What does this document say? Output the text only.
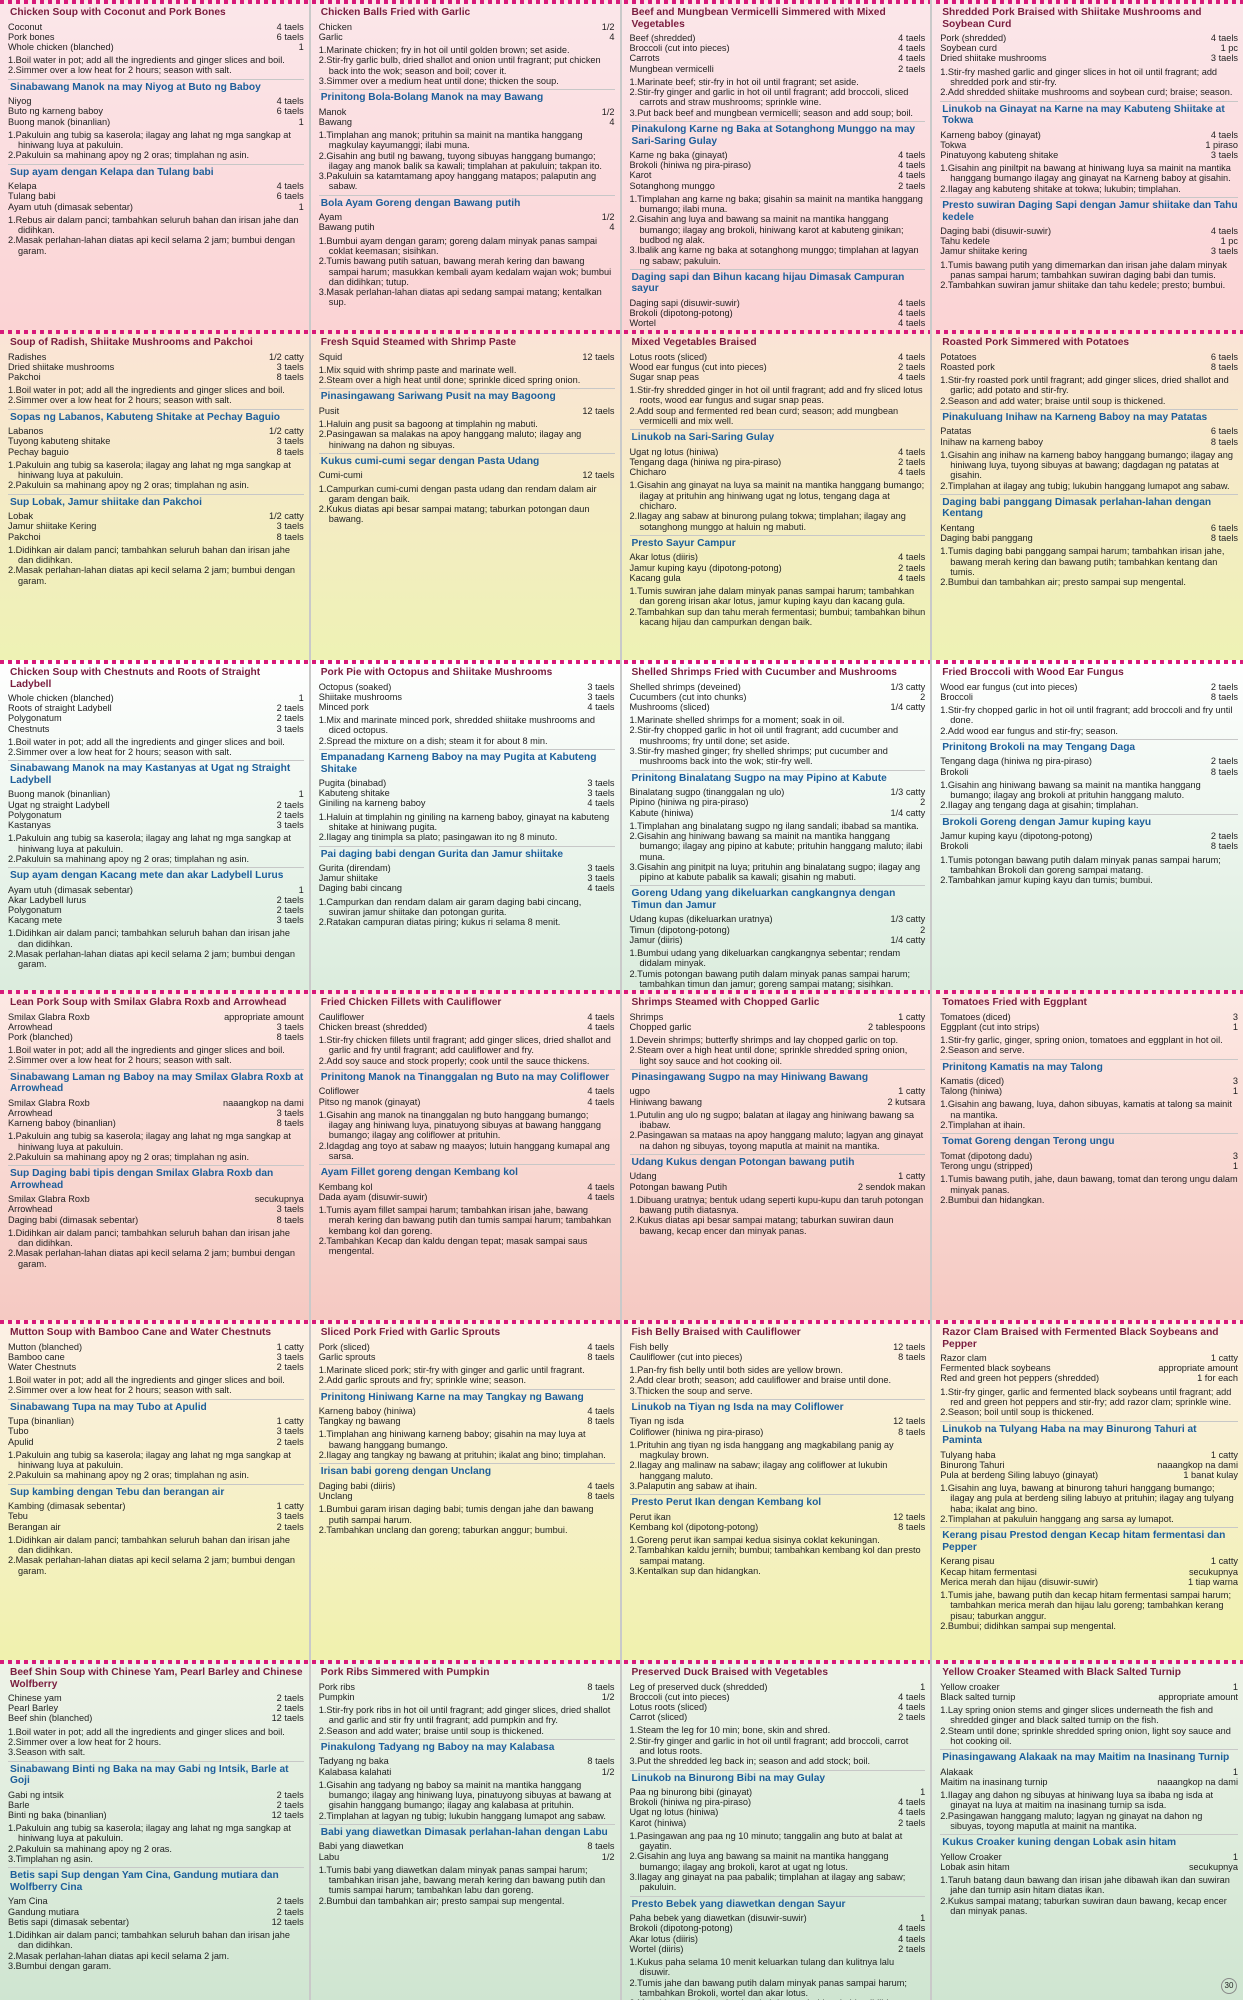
Chicken Soup with Coconut and Pork Bones
Coconut	4 taels
Pork bones	6 taels
Whole chicken (blanched)	1
1.Boil water in pot; add all the ingredients and ginger slices and boil.
2.Simmer over a low heat for 2 hours; season with salt.
Sinabawang Manok na may Niyog at Buto ng Baboy
Niyog	4 taels
Buto ng karneng baboy	6 taels
Buong manok (binanlian)	1
1.Pakuluin ang tubig sa kaserola; ilagay ang lahat ng mga sangkap at hiniwang luya at pakuluin.
2.Pakuluin sa mahinang apoy ng 2 oras; timplahan ng asin.
Sup ayam dengan Kelapa dan Tulang babi
Kelapa	4 taels
Tulang babi	6 taels
Ayam utuh (dimasak sebentar)	1
1.Rebus air dalam panci; tambahkan seluruh bahan dan irisan jahe dan didihkan.
2.Masak perlahan-lahan diatas api kecil selama 2 jam; bumbui dengan garam.
Chicken Balls Fried with Garlic
Chicken	1/2
Garlic	4
1.Marinate chicken; fry in hot oil until golden brown; set aside.
2.Stir-fry garlic bulb, dried shallot and onion until fragrant; put chicken back into the wok; season and boil; cover it.
3.Simmer over a medium heat until done; thicken the soup.
Prinitong Bola-Bolang Manok na may Bawang
Manok	1/2
Bawang	4
1.Timplahan ang manok; prituhin sa mainit na mantika hanggang magkulay kayumanggi; ilabi muna.
2.Gisahin ang butil ng bawang, tuyong sibuyas hanggang bumango; ilagay ang manok balik sa kawali; timplahan at pakuluin; takpan ito.
3.Pakuluin sa katamtamang apoy hanggang matapos; palaputin ang sabaw.
Bola Ayam Goreng dengan Bawang putih
Ayam	1/2
Bawang putih	4
1.Bumbui ayam dengan garam; goreng dalam minyak panas sampai coklat keemasan; sisihkan.
2.Tumis bawang putih satuan, bawang merah kering dan bawang sampai harum; masukkan kembali ayam kedalam wajan wok; bumbui dan didihkan; tutup.
3.Masak perlahan-lahan diatas api sedang sampai matang; kentalkan sup.
Beef and Mungbean Vermicelli Simmered with Mixed Vegetables
Beef (shredded)	4 taels
Broccoli (cut into pieces)	4 taels
Carrots	4 taels
Mungbean vermicelli	2 taels
1.Marinate beef; stir-fry in hot oil until fragrant; set aside.
2.Stir-fry ginger and garlic in hot oil until fragrant; add broccoli, sliced carrots and straw mushrooms; sprinkle wine.
3.Put back beef and mungbean vermicelli; season and add soup; boil.
Pinakulong Karne ng Baka at Sotanghong Munggo na may Sari-Saring Gulay
Karne ng baka (ginayat)	4 taels
Brokoli (hiniwa ng pira-piraso)	4 taels
Karot	4 taels
Sotanghong munggo	2 taels
1.Timplahan ang karne ng baka; gisahin sa mainit na mantika hanggang bumango; ilabi muna.
2.Gisahin ang luya and bawang sa mainit na mantika hanggang bumango; ilagay ang brokoli, hiniwang karot at kabuteng ginikan; budbod ng alak.
3.Ibalik ang karne ng baka at sotanghong munggo; timplahan at lagyan ng sabaw; pakuluin.
Daging sapi dan Bihun kacang hijau Dimasak Campuran sayur
Daging sapi (disuwir-suwir)	4 taels
Brokoli (dipotong-potong)	4 taels
Wortel	4 taels
Shredded Pork Braised with Shiitake Mushrooms and Soybean Curd
Pork (shredded)	4 taels
Soybean curd	1 pc
Dried shiitake mushrooms	3 taels
1.Stir-fry mashed garlic and ginger slices in hot oil until fragrant; add shredded pork and stir-fry.
2.Add shredded shiitake mushrooms and soybean curd; braise; season.
Linukob na Ginayat na Karne na may Kabuteng Shiitake at Tokwa
Karneng baboy (ginayat)	4 taels
Tokwa	1 piraso
Pinatuyong kabuteng shitake	3 taels
1.Gisahin ang piniltpit na bawang at hiniwang luya sa mainit na mantika hanggang bumango ilagay ang ginayat na Karneng baboy at gisahin.
2.Ilagay ang kabuteng shitake at tokwa; lukubin; timplahan.
Presto suwiran Daging Sapi dengan Jamur shiitake dan Tahu kedele
Daging babi (disuwir-suwir)	4 taels
Tahu kedele	1 pc
Jamur shiitake kering	3 taels
1.Tumis bawang putih yang dimemarkan dan irisan jahe dalam minyak panas sampai harum; tambahkan suwiran daging babi dan tumis.
2.Tambahkan suwiran jamur shiitake dan tahu kedele; presto; bumbui.
Soup of Radish, Shiitake Mushrooms and Pakchoi
Radishes	1/2 catty
Dried shiitake mushrooms	3 taels
Pakchoi	8 taels
1.Boil water in pot; add all the ingredients and ginger slices and boil.
2.Simmer over a low heat for 2 hours; season with salt.
Sopas ng Labanos, Kabuteng Shitake at Pechay Baguio
Labanos	1/2 catty
Tuyong kabuteng shitake	3 taels
Pechay baguio	8 taels
1.Pakuluin ang tubig sa kaserola; ilagay ang lahat ng mga sangkap at hiniwang luya at pakuluin.
2.Pakuluin sa mahinang apoy ng 2 oras; timplahan ng asin.
Sup Lobak, Jamur shiitake dan Pakchoi
Lobak	1/2 catty
Jamur shiitake Kering	3 taels
Pakchoi	8 taels
1.Didihkan air dalam panci; tambahkan seluruh bahan dan irisan jahe dan didihkan.
2.Masak perlahan-lahan diatas api kecil selama 2 jam; bumbui dengan garam.
Fresh Squid Steamed with Shrimp Paste
Squid	12 taels
1.Mix squid with shrimp paste and marinate well.
2.Steam over a high heat until done; sprinkle diced spring onion.
Pinasingawang Sariwang Pusit na may Bagoong
Pusit	12 taels
1.Haluin ang pusit sa bagoong at timplahin ng mabuti.
2.Pasingawan sa malakas na apoy hanggang maluto; ilagay ang hiniwang na dahon ng sibuyas.
Kukus cumi-cumi segar dengan Pasta Udang
Cumi-cumi	12 taels
1.Campurkan cumi-cumi dengan pasta udang dan rendam dalam air garam dengan baik.
2.Kukus diatas api besar sampai matang; taburkan potongan daun bawang.
Mixed Vegetables Braised
Lotus roots (sliced)	4 taels
Wood ear fungus (cut into pieces)	2 taels
Sugar snap peas	4 taels
1.Stir-fry shredded ginger in hot oil until fragrant; add and fry sliced lotus roots, wood ear fungus and sugar snap peas.
2.Add soup and fermented red bean curd; season; add mungbean vermicelli and mix well.
Linukob na Sari-Saring Gulay
Ugat ng lotus (hiniwa)	4 taels
Tengang daga (hiniwa ng pira-piraso)	2 taels
Chicharo	4 taels
1.Gisahin ang ginayat na luya sa mainit na mantika hanggang bumango; ilagay at prituhin ang hiniwang ugat ng lotus, tengang daga at chicharo.
2.Ilagay ang sabaw at binurong pulang tokwa; timplahan; ilagay ang sotanghong munggo at haluin ng mabuti.
Presto Sayur Campur
Akar lotus (diiris)	4 taels
Jamur kuping kayu (dipotong-potong)	2 taels
Kacang gula	4 taels
1.Tumis suwiran jahe dalam minyak panas sampai harum; tambahkan dan goreng irisan akar lotus, jamur kuping kayu dan kacang gula.
2.Tambahkan sup dan tahu merah fermentasi; bumbui; tambahkan bihun kacang hijau dan campurkan dengan baik.
Roasted Pork Simmered with Potatoes
Potatoes	6 taels
Roasted pork	8 taels
1.Stir-fry roasted pork until fragrant; add ginger slices, dried shallot and garlic; add potato and stir-fry.
2.Season and add water; braise until soup is thickened.
Pinakuluang Inihaw na Karneng Baboy na may Patatas
Patatas	6 taels
Inihaw na karneng baboy	8 taels
1.Gisahin ang inihaw na karneng baboy hanggang bumango; ilagay ang hiniwang luya, tuyong sibuyas at bawang; dagdagan ng patatas at gisahin.
2.Timplahan at ilagay ang tubig; lukubin hanggang lumapot ang sabaw.
Daging babi panggang Dimasak perlahan-lahan dengan Kentang
Kentang	6 taels
Daging babi panggang	8 taels
1.Tumis daging babi panggang sampai harum; tambahkan irisan jahe, bawang merah kering dan bawang putih; tambahkan kentang dan tumis.
2.Bumbui dan tambahkan air; presto sampai sup mengental.
Chicken Soup with Chestnuts and Roots of Straight Ladybell
Whole chicken (blanched)	1
Roots of straight Ladybell	2 taels
Polygonatum	2 taels
Chestnuts	3 taels
1.Boil water in pot; add all the ingredients and ginger slices and boil.
2.Simmer over a low heat for 2 hours; season with salt.
Sinabawang Manok na may Kastanyas at Ugat ng Straight Ladybell
Buong manok (binanlian)	1
Ugat ng straight Ladybell	2 taels
Polygonatum	2 taels
Kastanyas	3 taels
1.Pakuluin ang tubig sa kaserola; ilagay ang lahat ng mga sangkap at hiniwang luya at pakuluin.
2.Pakuluin sa mahinang apoy ng 2 oras; timplahan ng asin.
Sup ayam dengan Kacang mete dan akar Ladybell Lurus
Ayam utuh (dimasak sebentar)	1
Akar Ladybell lurus	2 taels
Polygonatum	2 taels
Kacang mete	3 taels
1.Didihkan air dalam panci; tambahkan seluruh bahan dan irisan jahe dan didihkan.
2.Masak perlahan-lahan diatas api kecil selama 2 jam; bumbui dengan garam.
Pork Pie with Octopus and Shiitake Mushrooms
Octopus (soaked)	3 taels
Shiitake mushrooms	3 taels
Minced pork	4 taels
1.Mix and marinate minced pork, shredded shiitake mushrooms and diced octopus.
2.Spread the mixture on a dish; steam it for about 8 min.
Empanadang Karneng Baboy na may Pugita at Kabuteng Shitake
Pugita (binabad)	3 taels
Kabuteng shitake	3 taels
Giniling na karneng baboy	4 taels
1.Haluin at timplahin ng giniling na karneng baboy, ginayat na kabuteng shitake at hiniwang pugita.
2.Ilagay ang tinimpla sa plato; pasingawan ito ng 8 minuto.
Pai daging babi dengan Gurita dan Jamur shiitake
Gurita (direndam)	3 taels
Jamur shiitake	3 taels
Daging babi cincang	4 taels
1.Campurkan dan rendam dalam air garam daging babi cincang, suwiran jamur shiitake dan potongan gurita.
2.Ratakan campuran diatas piring; kukus ri selama 8 menit.
Shelled Shrimps Fried with Cucumber and Mushrooms
Shelled shrimps (deveined)	1/3 catty
Cucumbers (cut into chunks)	2
Mushrooms (sliced)	1/4 catty
1.Marinate shelled shrimps for a moment; soak in oil.
2.Stir-fry chopped garlic in hot oil until fragrant; add cucumber and mushrooms; fry until done; set aside.
3.Stir-fry mashed ginger; fry shelled shrimps; put cucumber and mushrooms back into the wok; stir-fry well.
Prinitong Binalatang Sugpo na may Pipino at Kabute
Binalatang sugpo (tinanggalan ng ulo)	1/3 catty
Pipino (hiniwa ng pira-piraso)	2
Kabute (hiniwa)	1/4 catty
1.Timplahan ang binalatang sugpo ng ilang sandali; ibabad sa mantika.
2.Gisahin ang hiniwang bawang sa mainit na mantika hanggang bumango; ilagay ang pipino at kabute; prituhin hanggang maluto; ilabi muna.
3.Gisahin ang pinitpit na luya; prituhin ang binalatang sugpo; ilagay ang pipino at kabute pabalik sa kawali; gisahin ng mabuti.
Goreng Udang yang dikeluarkan cangkangnya dengan Timun dan Jamur
Udang kupas (dikeluarkan uratnya)	1/3 catty
Timun (dipotong-potong)	2
Jamur (diiris)	1/4 catty
1.Bumbui udang yang dikeluarkan cangkangnya sebentar; rendam didalam minyak.
2.Tumis potongan bawang putih dalam minyak panas sampai harum; tambahkan timun dan jamur; goreng sampai matang; sisihkan.
Fried Broccoli with Wood Ear Fungus
Wood ear fungus (cut into pieces)	2 taels
Broccoli	8 taels
1.Stir-fry chopped garlic in hot oil until fragrant; add broccoli and fry until done.
2.Add wood ear fungus and stir-fry; season.
Prinitong Brokoli na may Tengang Daga
Tengang daga (hiniwa ng pira-piraso)	2 taels
Brokoli	8 taels
1.Gisahin ang hiniwang bawang sa mainit na mantika hanggang bumango; ilagay ang brokoli at prituhin hanggang maluto.
2.Ilagay ang tengang daga at gisahin; timplahan.
Brokoli Goreng dengan Jamur kuping kayu
Jamur kuping kayu (dipotong-potong)	2 taels
Brokoli	8 taels
1.Tumis potongan bawang putih dalam minyak panas sampai harum; tambahkan Brokoli dan goreng sampai matang.
2.Tambahkan jamur kuping kayu dan tumis; bumbui.
Lean Pork Soup with Smilax Glabra Roxb and Arrowhead
Smilax Glabra Roxb	appropriate amount
Arrowhead	3 taels
Pork (blanched)	8 taels
1.Boil water in pot; add all the ingredients and ginger slices and boil.
2.Simmer over a low heat for 2 hours; season with salt.
Sinabawang Laman ng Baboy na may Smilax Glabra Roxb at Arrowhead
Smilax Glabra Roxb	naaangkop na dami
Arrowhead	3 taels
Karneng baboy (binanlian)	8 taels
1.Pakuluin ang tubig sa kaserola; ilagay ang lahat ng mga sangkap at hiniwang luya at pakuluin.
2.Pakuluin sa mahinang apoy ng 2 oras; timplahan ng asin.
Sup Daging babi tipis dengan Smilax Glabra Roxb dan Arrowhead
Smilax Glabra Roxb	secukupnya
Arrowhead	3 taels
Daging babi (dimasak sebentar)	8 taels
1.Didihkan air dalam panci; tambahkan seluruh bahan dan irisan jahe dan didihkan.
2.Masak perlahan-lahan diatas api kecil selama 2 jam; bumbui dengan garam.
Fried Chicken Fillets with Cauliflower
Cauliflower	4 taels
Chicken breast (shredded)	4 taels
1.Stir-fry chicken fillets until fragrant; add ginger slices, dried shallot and garlic and fry until fragrant; add cauliflower and fry.
2.Add soy sauce and stock properly; cook until the sauce thickens.
Prinitong Manok na Tinanggalan ng Buto na may Coliflower
Coliflower	4 taels
Pitso ng manok (ginayat)	4 taels
1.Gisahin ang manok na tinanggalan ng buto hanggang bumango; ilagay ang hiniwang luya, pinatuyong sibuyas at bawang hanggang bumango; ilagay ang coliflower at prituhin.
2.Idagdag ang toyo at sabaw ng maayos; lutuin hanggang kumapal ang sarsa.
Ayam Fillet goreng dengan Kembang kol
Kembang kol	4 taels
Dada ayam (disuwir-suwir)	4 taels
1.Tumis ayam fillet sampai harum; tambahkan irisan jahe, bawang merah kering dan bawang putih dan tumis sampai harum; tambahkan kembang kol dan goreng.
2.Tambahkan Kecap dan kaldu dengan tepat; masak sampai saus mengental.
Shrimps Steamed with Chopped Garlic
Shrimps	1 catty
Chopped garlic	2 tablespoons
1.Devein shrimps; butterfly shrimps and lay chopped garlic on top.
2.Steam over a high heat until done; sprinkle shredded spring onion, light soy sauce and hot cooking oil.
Pinasingawang Sugpo na may Hiniwang Bawang
ugpo	1 catty
Hiniwang bawang	2 kutsara
1.Putulin ang ulo ng sugpo; balatan at ilagay ang hiniwang bawang sa ibabaw.
2.Pasingawan sa mataas na apoy hanggang maluto; lagyan ang ginayat na dahon ng sibuyas, toyong maputla at mainit na mantika.
Udang Kukus dengan Potongan bawang putih
Udang	1 catty
Potongan bawang Putih	2 sendok makan
1.Dibuang uratnya; bentuk udang seperti kupu-kupu dan taruh potongan bawang putih diatasnya.
2.Kukus diatas api besar sampai matang; taburkan suwiran daun bawang, kecap encer dan minyak panas.
Tomatoes Fried with Eggplant
Tomatoes (diced)	3
Eggplant (cut into strips)	1
1.Stir-fry garlic, ginger, spring onion, tomatoes and eggplant in hot oil.
2.Season and serve.
Prinitong Kamatis na may Talong
Kamatis (diced)	3
Talong (hiniwa)	1
1.Gisahin ang bawang, luya, dahon sibuyas, kamatis at talong sa mainit na mantika.
2.Timplahan at ihain.
Tomat Goreng dengan Terong ungu
Tomat (dipotong dadu)	3
Terong ungu (stripped)	1
1.Tumis bawang putih, jahe, daun bawang, tomat dan terong ungu dalam minyak panas.
2.Bumbui dan hidangkan.
Mutton Soup with Bamboo Cane and Water Chestnuts
Mutton (blanched)	1 catty
Bamboo cane	3 taels
Water Chestnuts	2 taels
1.Boil water in pot; add all the ingredients and ginger slices and boil.
2.Simmer over a low heat for 2 hours; season with salt.
Sinabawang Tupa na may Tubo at Apulid
Tupa (binanlian)	1 catty
Tubo	3 taels
Apulid	2 taels
1.Pakuluin ang tubig sa kaserola; ilagay ang lahat ng mga sangkap at hiniwang luya at pakuluin.
2.Pakuluin sa mahinang apoy ng 2 oras; timplahan ng asin.
Sup kambing dengan Tebu dan berangan air
Kambing (dimasak sebentar)	1 catty
Tebu	3 taels
Berangan air	2 taels
1.Didihkan air dalam panci; tambahkan seluruh bahan dan irisan jahe dan didihkan.
2.Masak perlahan-lahan diatas api kecil selama 2 jam; bumbui dengan garam.
Sliced Pork Fried with Garlic Sprouts
Pork (sliced)	4 taels
Garlic sprouts	8 taels
1.Marinate sliced pork; stir-fry with ginger and garlic until fragrant.
2.Add garlic sprouts and fry; sprinkle wine; season.
Prinitong Hiniwang Karne na may Tangkay ng Bawang
Karneng baboy (hiniwa)	4 taels
Tangkay ng bawang	8 taels
1.Timplahan ang hiniwang karneng baboy; gisahin na may luya at bawang hanggang bumango.
2.Ilagay ang tangkay ng bawang at prituhin; ikalat ang bino; timplahan.
Irisan babi goreng dengan Unclang
Daging babi (diiris)	4 taels
Unclang	8 taels
1.Bumbui garam irisan daging babi; tumis dengan jahe dan bawang putih sampai harum.
2.Tambahkan unclang dan goreng; taburkan anggur; bumbui.
Fish Belly Braised with Cauliflower
Fish belly	12 taels
Cauliflower (cut into pieces)	8 taels
1.Pan-fry fish belly until both sides are yellow brown.
2.Add clear broth; season; add cauliflower and braise until done.
3.Thicken the soup and serve.
Linukob na Tiyan ng Isda na may Coliflower
Tiyan ng isda	12 taels
Coliflower (hiniwa ng pira-piraso)	8 taels
1.Prituhin ang tiyan ng isda hanggang ang magkabilang panig ay magkulay brown.
2.Ilagay ang malinaw na sabaw; ilagay ang coliflower at lukubin hanggang maluto.
3.Palaputin ang sabaw at ihain.
Presto Perut Ikan dengan Kembang kol
Perut ikan	12 taels
Kembang kol (dipotong-potong)	8 taels
1.Goreng perut ikan sampai kedua sisinya coklat kekuningan.
2.Tambahkan kaldu jernih; bumbui; tambahkan kembang kol dan presto sampai matang.
3.Kentalkan sup dan hidangkan.
Razor Clam Braised with Fermented Black Soybeans and Pepper
Razor clam	1 catty
Fermented black soybeans	appropriate amount
Red and green hot peppers (shredded)	1 for each
1.Stir-fry ginger, garlic and fermented black soybeans until fragrant; add red and green hot peppers and stir-fry; add razor clam; sprinkle wine.
2.Season; boil until soup is thickened.
Linukob na Tulyang Haba na may Binurong Tahuri at Paminta
Tulyang haba	1 catty
Binurong Tahuri	naaangkop na dami
Pula at berdeng Siling labuyo (ginayat)	1 banat kulay
1.Gisahin ang luya, bawang at binurong tahuri hanggang bumango; ilagay ang pula at berdeng siling labuyo at prituhin; ilagay ang tulyang haba; ikalat ang bino.
2.Timplahan at pakuluin hanggang ang sarsa ay lumapot.
Kerang pisau Prestod dengan Kecap hitam fermentasi dan Pepper
Kerang pisau	1 catty
Kecap hitam fermentasi	secukupnya
Merica merah dan hijau (disuwir-suwir)	1 tiap warna
1.Tumis jahe, bawang putih dan kecap hitam fermentasi sampai harum; tambahkan merica merah dan hijau lalu goreng; tambahkan kerang pisau; taburkan anggur.
2.Bumbui; didihkan sampai sup mengental.
Beef Shin Soup with Chinese Yam, Pearl Barley and Chinese Wolfberry
Chinese yam	2 taels
Pearl Barley	2 taels
Beef shin (blanched)	12 taels
1.Boil water in pot; add all the ingredients and ginger slices and boil.
2.Simmer over a low heat for 2 hours.
3.Season with salt.
Sinabawang Binti ng Baka na may Gabi ng Intsik, Barle at Goji
Gabi ng intsik	2 taels
Barle	2 taels
Binti ng baka (binanlian)	12 taels
1.Pakuluin ang tubig sa kaserola; ilagay ang lahat ng mga sangkap at hiniwang luya at pakuluin.
2.Pakuluin sa mahinang apoy ng 2 oras.
3.Timplahan ng asin.
Betis sapi Sup dengan Yam Cina, Gandung mutiara dan Wolfberry Cina
Yam Cina	2 taels
Gandung mutiara	2 taels
Betis sapi (dimasak sebentar)	12 taels
1.Didihkan air dalam panci; tambahkan seluruh bahan dan irisan jahe dan didihkan.
2.Masak perlahan-lahan diatas api kecil selama 2 jam.
3.Bumbui dengan garam.
Pork Ribs Simmered with Pumpkin
Pork ribs	8 taels
Pumpkin	1/2
1.Stir-fry pork ribs in hot oil until fragrant; add ginger slices, dried shallot and garlic and stir fry until fragrant; add pumpkin and fry.
2.Season and add water; braise until soup is thickened.
Pinakulong Tadyang ng Baboy na may Kalabasa
Tadyang ng baka	8 taels
Kalabasa kalahati	1/2
1.Gisahin ang tadyang ng baboy sa mainit na mantika hanggang bumango; ilagay ang hiniwang luya, pinatuyong sibuyas at bawang at gisahin hanggang bumango; ilagay ang kalabasa at prituhin.
2.Timplahan at lagyan ng tubig; lukubin hanggang lumapot ang sabaw.
Babi yang diawetkan Dimasak perlahan-lahan dengan Labu
Babi yang diawetkan	8 taels
Labu	1/2
1.Tumis babi yang diawetkan dalam minyak panas sampai harum; tambahkan irisan jahe, bawang merah kering dan bawang putih dan tumis sampai harum; tambahkan labu dan goreng.
2.Bumbui dan tambahkan air; presto sampai sup mengental.
Preserved Duck Braised with Vegetables
Leg of preserved duck (shredded)	1
Broccoli (cut into pieces)	4 taels
Lotus roots (sliced)	4 taels
Carrot (sliced)	2 taels
1.Steam the leg for 10 min; bone, skin and shred.
2.Stir-fry ginger and garlic in hot oil until fragrant; add broccoli, carrot and lotus roots.
3.Put the shredded leg back in; season and add stock; boil.
Linukob na Binurong Bibi na may Gulay
Paa ng binurong bibi (ginayat)	1
Brokoli (hiniwa ng pira-piraso)	4 taels
Ugat ng lotus (hiniwa)	4 taels
Karot (hiniwa)	2 taels
1.Pasingawan ang paa ng 10 minuto; tanggalin ang buto at balat at gayatin.
2.Gisahin ang luya ang bawang sa mainit na mantika hanggang bumango; ilagay ang brokoli, karot at ugat ng lotus.
3.Ilagay ang ginayat na paa pabalik; timplahan at ilagay ang sabaw; pakuluin.
Presto Bebek yang diawetkan dengan Sayur
Paha bebek yang diawetkan (disuwir-suwir)	1
Brokoli (dipotong-potong)	4 taels
Akar lotus (diiris)	4 taels
Wortel (diiris)	2 taels
1.Kukus paha selama 10 menit keluarkan tulang dan kulitnya lalu disuwir.
2.Tumis jahe dan bawang putih dalam minyak panas sampai harum; tambahkan Brokoli, wortel dan akar lotus.
Yellow Croaker Steamed with Black Salted Turnip
Yellow croaker	1
Black salted turnip	appropriate amount
1.Lay spring onion stems and ginger slices underneath the fish and shredded ginger and black salted turnip on the fish.
2.Steam until done; sprinkle shredded spring onion, light soy sauce and hot cooking oil.
Pinasingawang Alakaak na may Maitim na Inasinang Turnip
Alakaak	1
Maitim na inasinang turnip	naaangkop na dami
1.Ilagay ang dahon ng sibuyas at hiniwang luya sa ibaba ng isda at ginayat na luya at maitim na inasinang turnip sa isda.
2.Pasingawan hanggang maluto; lagyan ng ginayat na dahon ng sibuyas, toyong maputla at mainit na mantika.
Kukus Croaker kuning dengan Lobak asin hitam
Yellow Croaker	1
Lobak asin hitam	secukupnya
1.Taruh batang daun bawang dan irisan jahe dibawah ikan dan suwiran jahe dan turnip asin hitam diatas ikan.
2.Kukus sampai matang; taburkan suwiran daun bawang, kecap encer dan minyak panas.
30
